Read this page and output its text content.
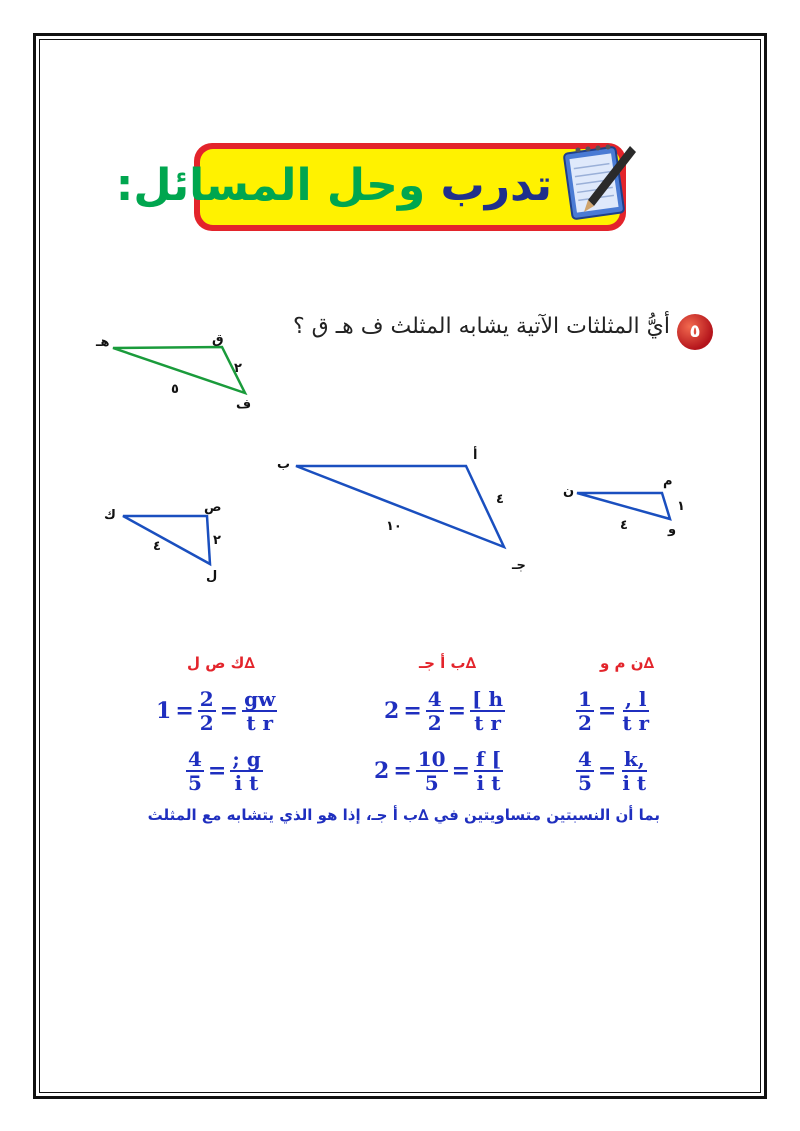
تدرب وحل المسائل:
٥
أيُّ المثلثات الآتية يشابه المثلث ف هـ ق ؟
هـ	ق
ف
٢
٥
ك
ص
ل
٢
٤
ب
أ
جـ
٤
١٠
ن
م
و
١
٤
∆ن م و
∆ب أ جـ
∆ك ص ل
$\frac{1}{2} = \frac{, l}{\text{t r}}$
$\frac{4}{5} = \frac{k,}{\text{i t}}$
$2 = \frac{4}{2} = \frac{[ h}{\text{t r}}$
$2 = \frac{10}{5} = \frac{f [}{\text{i t}}$
$1 = \frac{2}{2} = \frac{gw}{\text{t r}}$
$\frac{4}{5} = \frac{; g}{\text{i t}}$
بما أن النسبتين متساويتين في ∆ب أ جـ، إذا هو الذي يتشابه مع المثلث
